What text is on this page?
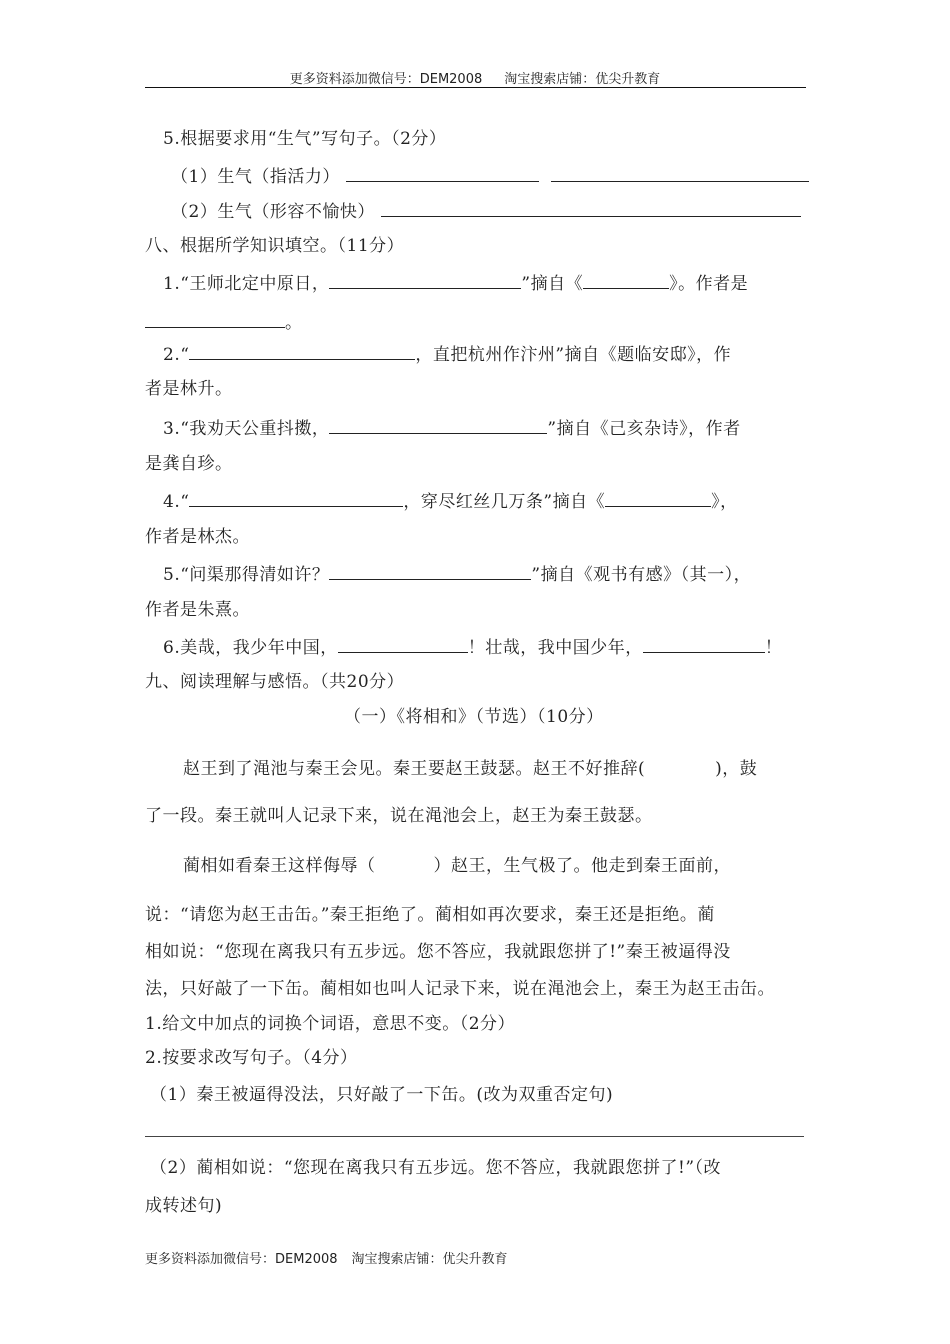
更多资料添加微信号：DEM2008 淘宝搜索店铺：优尖升教育
5.根据要求用“生气”写句子。（2分）
（1）生气（指活力）
（2）生气（形容不愉快）
八、根据所学知识填空。（11分）
1.“王师北定中原日，	”摘自《	》。作者是
。
2.“	，直把杭州作汴州”摘自《题临安邸》，作
者是林升。
3.“我劝天公重抖擞，	”摘自《己亥杂诗》，作者
是龚自珍。
4.“	，穿尽红丝几万条”摘自《	》，
作者是林杰。
5.“问渠那得清如许？	”摘自《观书有感》（其一），
作者是朱熹。
6.美哉，我少年中国，	！壮哉，我中国少年，	！
九、阅读理解与感悟。（共20分）
（一）《将相和》（节选）（10分）
赵王到了渑池与秦王会见。秦王要赵王鼓瑟。赵王不好推辞(	)，鼓
了一段。秦王就叫人记录下来，说在渑池会上，赵王为秦王鼓瑟。
蔺相如看秦王这样侮辱（	）赵王，生气极了。他走到秦王面前，
说：“请您为赵王击缶。”秦王拒绝了。蔺相如再次要求，秦王还是拒绝。蔺
相如说：“您现在离我只有五步远。您不答应，我就跟您拼了!”秦王被逼得没
法，只好敲了一下缶。蔺相如也叫人记录下来，说在渑池会上，秦王为赵王击缶。
1.给文中加点的词换个词语，意思不变。（2分）
2.按要求改写句子。（4分）
（1）秦王被逼得没法，只好敲了一下缶。(改为双重否定句)
（2）蔺相如说：“您现在离我只有五步远。您不答应，我就跟您拼了!”（改
成转述句)
更多资料添加微信号：DEM2008 淘宝搜索店铺：优尖升教育
